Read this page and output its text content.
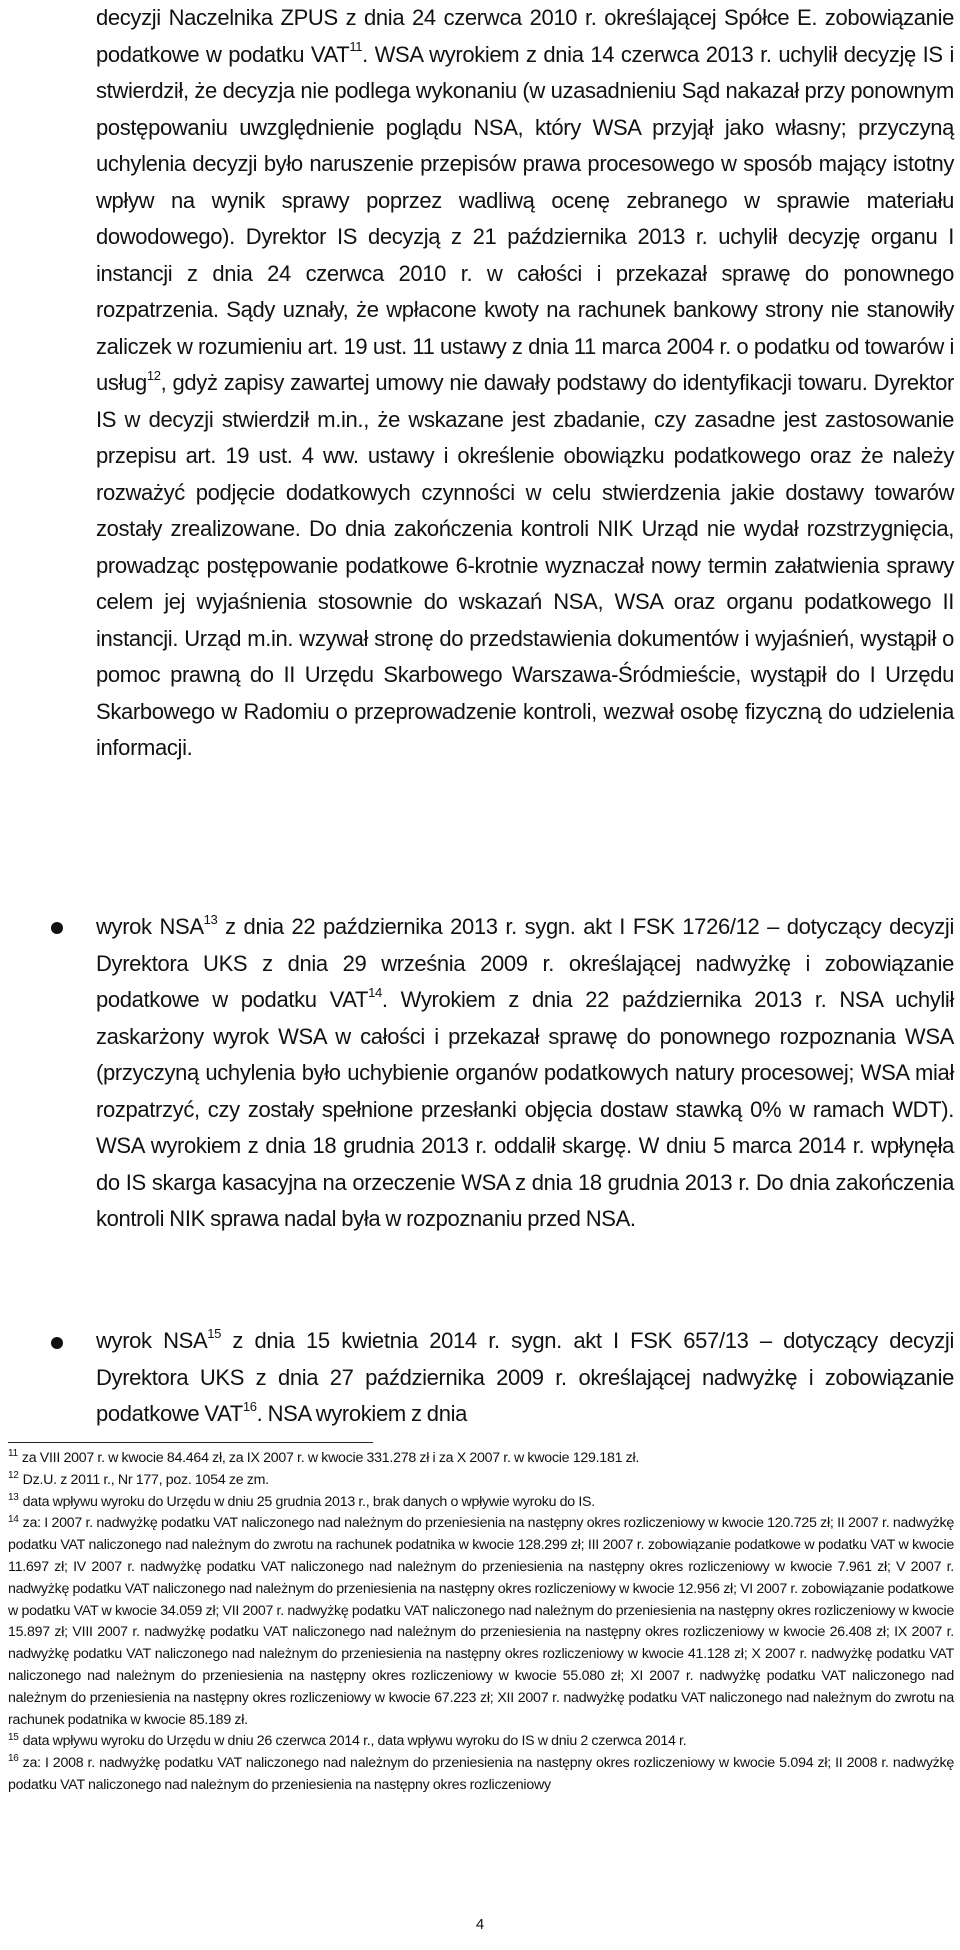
decyzji Naczelnika ZPUS z dnia 24 czerwca 2010 r. określającej Spółce E. zobowiązanie podatkowe w podatku VAT$^{11}$. WSA wyrokiem z dnia 14 czerwca 2013 r. uchylił decyzję IS i stwierdził, że decyzja nie podlega wykonaniu (w uzasadnieniu Sąd nakazał przy ponownym postępowaniu uwzględnienie poglądu NSA, który WSA przyjął jako własny; przyczyną uchylenia decyzji było naruszenie przepisów prawa procesowego w sposób mający istotny wpływ na wynik sprawy poprzez wadliwą ocenę zebranego w sprawie materiału dowodowego). Dyrektor IS decyzją z 21 października 2013 r. uchylił decyzję organu I instancji z dnia 24 czerwca 2010 r. w całości i przekazał sprawę do ponownego rozpatrzenia. Sądy uznały, że wpłacone kwoty na rachunek bankowy strony nie stanowiły zaliczek w rozumieniu art. 19 ust. 11 ustawy z dnia 11 marca 2004 r. o podatku od towarów i usług$^{12}$, gdyż zapisy zawartej umowy nie dawały podstawy do identyfikacji towaru. Dyrektor IS w decyzji stwierdził m.in., że wskazane jest zbadanie, czy zasadne jest zastosowanie przepisu art. 19 ust. 4 ww. ustawy i określenie obowiązku podatkowego oraz że należy rozważyć podjęcie dodatkowych czynności w celu stwierdzenia jakie dostawy towarów zostały zrealizowane. Do dnia zakończenia kontroli NIK Urząd nie wydał rozstrzygnięcia, prowadząc postępowanie podatkowe 6-krotnie wyznaczał nowy termin załatwienia sprawy celem jej wyjaśnienia stosownie do wskazań NSA, WSA oraz organu podatkowego II instancji. Urząd m.in. wzywał stronę do przedstawienia dokumentów i wyjaśnień, wystąpił o pomoc prawną do II Urzędu Skarbowego Warszawa-Śródmieście, wystąpił do I Urzędu Skarbowego w Radomiu o przeprowadzenie kontroli, wezwał osobę fizyczną do udzielenia informacji.
wyrok NSA$^{13}$ z dnia 22 października 2013 r. sygn. akt I FSK 1726/12 – dotyczący decyzji Dyrektora UKS z dnia 29 września 2009 r. określającej nadwyżkę i zobowiązanie podatkowe w podatku VAT$^{14}$. Wyrokiem z dnia 22 października 2013 r. NSA uchylił zaskarżony wyrok WSA w całości i przekazał sprawę do ponownego rozpoznania WSA (przyczyną uchylenia było uchybienie organów podatkowych natury procesowej; WSA miał rozpatrzyć, czy zostały spełnione przesłanki objęcia dostaw stawką 0% w ramach WDT). WSA wyrokiem z dnia 18 grudnia 2013 r. oddalił skargę. W dniu 5 marca 2014 r. wpłynęła do IS skarga kasacyjna na orzeczenie WSA z dnia 18 grudnia 2013 r. Do dnia zakończenia kontroli NIK sprawa nadal była w rozpoznaniu przed NSA.
wyrok NSA$^{15}$ z dnia 15 kwietnia 2014 r. sygn. akt I FSK 657/13 – dotyczący decyzji Dyrektora UKS z dnia 27 października 2009 r. określającej nadwyżkę i zobowiązanie podatkowe VAT$^{16}$. NSA wyrokiem z dnia

$^{11}$ za VIII 2007 r. w kwocie 84.464 zł, za IX 2007 r. w kwocie 331.278 zł i za X 2007 r. w kwocie 129.181 zł.

$^{12}$ Dz.U. z 2011 r., Nr 177, poz. 1054 ze zm.

$^{13}$ data wpływu wyroku do Urzędu w dniu 25 grudnia 2013 r., brak danych o wpływie wyroku do IS.

$^{14}$ za: I 2007 r. nadwyżkę podatku VAT naliczonego nad należnym do przeniesienia na następny okres rozliczeniowy w kwocie 120.725 zł; II 2007 r. nadwyżkę podatku VAT naliczonego nad należnym do zwrotu na rachunek podatnika w kwocie 128.299 zł; III 2007 r. zobowiązanie podatkowe w podatku VAT w kwocie 11.697 zł; IV 2007 r. nadwyżkę podatku VAT naliczonego nad należnym do przeniesienia na następny okres rozliczeniowy w kwocie 7.961 zł; V 2007 r. nadwyżkę podatku VAT naliczonego nad należnym do przeniesienia na następny okres rozliczeniowy w kwocie 12.956 zł; VI 2007 r. zobowiązanie podatkowe w podatku VAT w kwocie 34.059 zł; VII 2007 r. nadwyżkę podatku VAT naliczonego nad należnym do przeniesienia na następny okres rozliczeniowy w kwocie 15.897 zł; VIII 2007 r. nadwyżkę podatku VAT naliczonego nad należnym do przeniesienia na następny okres rozliczeniowy w kwocie 26.408 zł; IX 2007 r. nadwyżkę podatku VAT naliczonego nad należnym do przeniesienia na następny okres rozliczeniowy w kwocie 41.128 zł; X 2007 r. nadwyżkę podatku VAT naliczonego nad należnym do przeniesienia na następny okres rozliczeniowy w kwocie 55.080 zł; XI 2007 r. nadwyżkę podatku VAT naliczonego nad należnym do przeniesienia na następny okres rozliczeniowy w kwocie 67.223 zł; XII 2007 r. nadwyżkę podatku VAT naliczonego nad należnym do zwrotu na rachunek podatnika w kwocie 85.189 zł.

$^{15}$ data wpływu wyroku do Urzędu w dniu 26 czerwca 2014 r., data wpływu wyroku do IS w dniu 2 czerwca 2014 r.

$^{16}$ za: I 2008 r. nadwyżkę podatku VAT naliczonego nad należnym do przeniesienia na następny okres rozliczeniowy w kwocie 5.094 zł; II 2008 r. nadwyżkę podatku VAT naliczonego nad należnym do przeniesienia na następny okres rozliczeniowy

4
